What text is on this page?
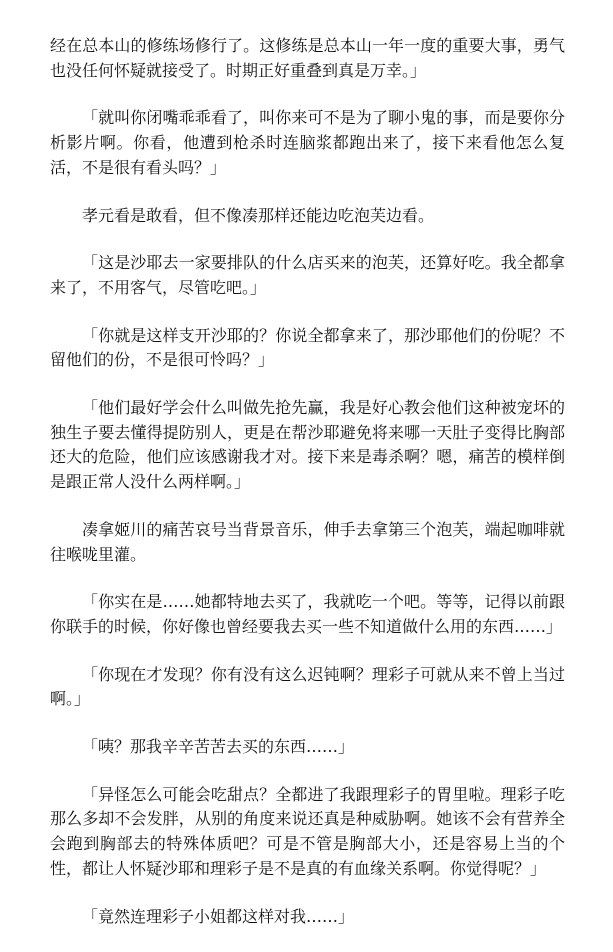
经在总本山的修练场修行了。这修练是总本山一年一度的重要大事，勇气也没任何怀疑就接受了。时期正好重叠到真是万幸。」

「就叫你闭嘴乖乖看了，叫你来可不是为了聊小鬼的事，而是要你分析影片啊。你看，他遭到枪杀时连脑浆都跑出来了，接下来看他怎么复活，不是很有看头吗？」

孝元看是敢看，但不像凑那样还能边吃泡芙边看。

「这是沙耶去一家要排队的什么店买来的泡芙，还算好吃。我全都拿来了，不用客气，尽管吃吧。」

「你就是这样支开沙耶的？你说全都拿来了，那沙耶他们的份呢？不留他们的份，不是很可怜吗？」

「他们最好学会什么叫做先抢先赢，我是好心教会他们这种被宠坏的独生子要去懂得提防别人，更是在帮沙耶避免将来哪一天肚子变得比胸部还大的危险，他们应该感谢我才对。接下来是毒杀啊？嗯，痛苦的模样倒是跟正常人没什么两样啊。」

凑拿姬川的痛苦哀号当背景音乐，伸手去拿第三个泡芙，端起咖啡就往喉咙里灌。

「你实在是……她都特地去买了，我就吃一个吧。等等，记得以前跟你联手的时候，你好像也曾经要我去买一些不知道做什么用的东西……」

「你现在才发现？你有没有这么迟钝啊？理彩子可就从来不曾上当过啊。」

「咦？那我辛辛苦苦去买的东西……」

「异怪怎么可能会吃甜点？全都进了我跟理彩子的胃里啦。理彩子吃那么多却不会发胖，从别的角度来说还真是种威胁啊。她该不会有营养全会跑到胸部去的特殊体质吧？可是不管是胸部大小，还是容易上当的个性，都让人怀疑沙耶和理彩子是不是真的有血缘关系啊。你觉得呢？」

「竟然连理彩子小姐都这样对我……」
